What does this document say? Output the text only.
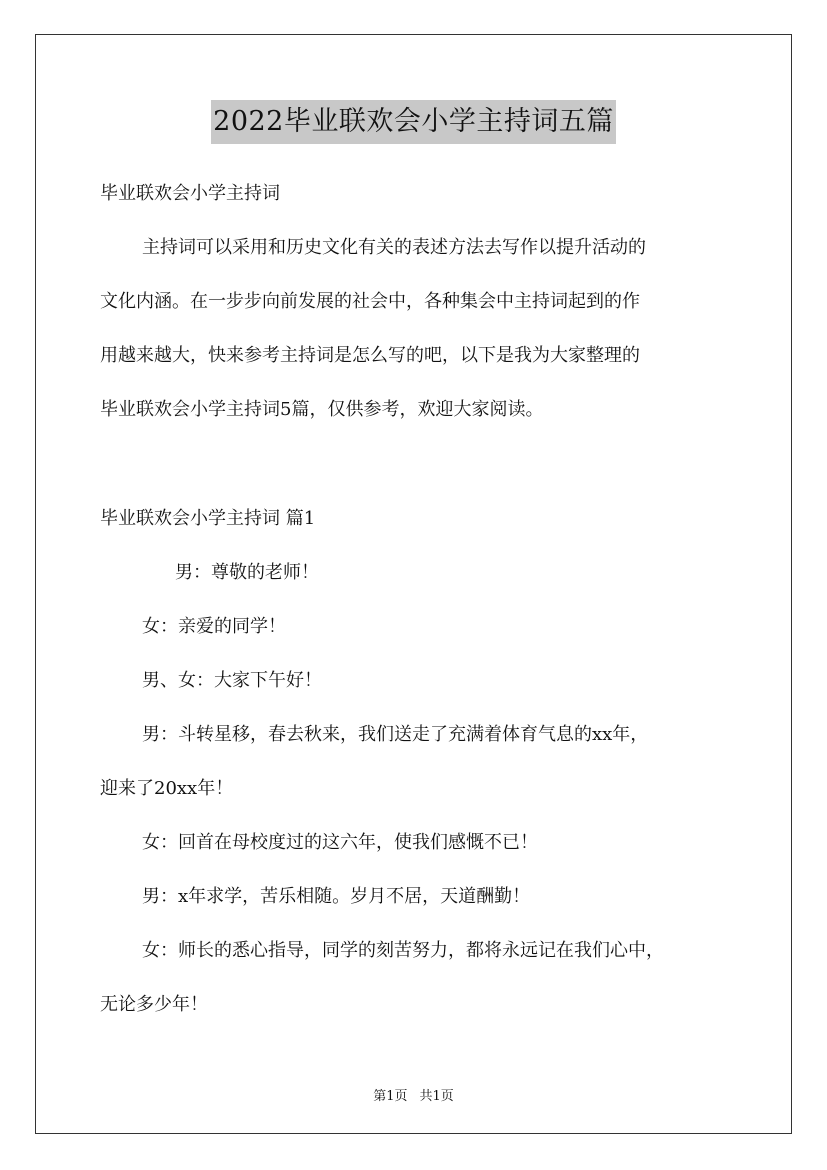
2022毕业联欢会小学主持词五篇
毕业联欢会小学主持词
主持词可以采用和历史文化有关的表述方法去写作以提升活动的
文化内涵。在一步步向前发展的社会中，各种集会中主持词起到的作
用越来越大，快来参考主持词是怎么写的吧，以下是我为大家整理的
毕业联欢会小学主持词5篇，仅供参考，欢迎大家阅读。
毕业联欢会小学主持词 篇1
男：尊敬的老师！
女：亲爱的同学！
男、女：大家下午好！
男：斗转星移，春去秋来，我们送走了充满着体育气息的xx年，
迎来了20xx年！
女：回首在母校度过的这六年，使我们感慨不已！
男：x年求学，苦乐相随。岁月不居，天道酬勤！
女：师长的悉心指导，同学的刻苦努力，都将永远记在我们心中，
无论多少年！
第1页 共1页
